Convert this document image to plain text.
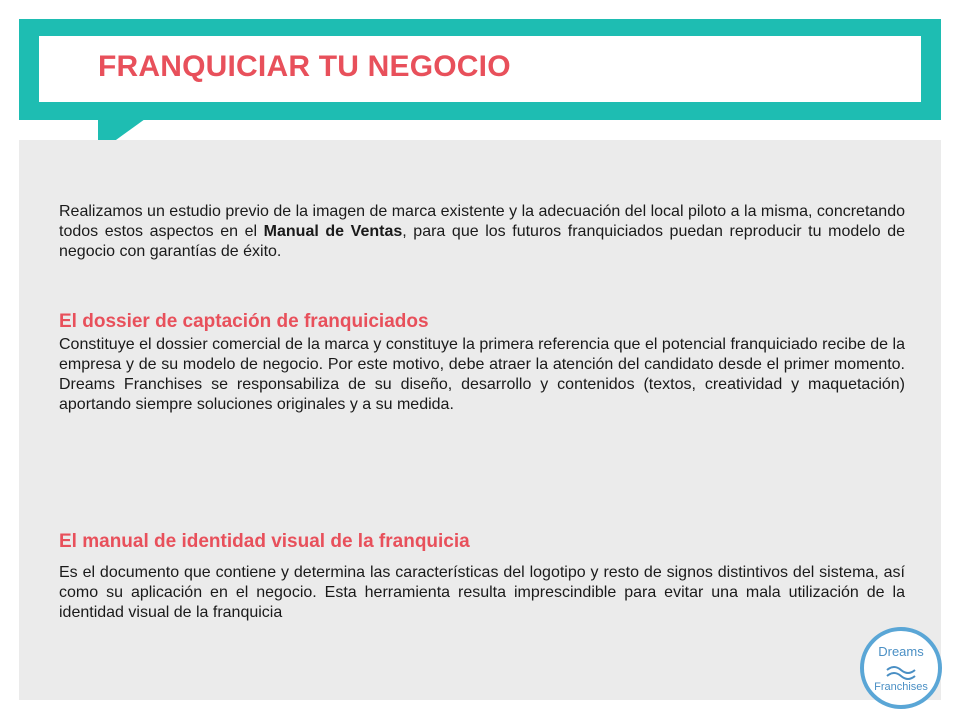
FRANQUICIAR TU NEGOCIO
Realizamos un estudio previo de la imagen de marca existente y la adecuación del local piloto a la misma, concretando todos estos aspectos en el Manual de Ventas, para que los futuros franquiciados puedan reproducir tu modelo de negocio con garantías de éxito.
El dossier de captación de franquiciados
Constituye el dossier comercial de la marca y constituye la primera referencia que el potencial franquiciado recibe de la empresa y de su modelo de negocio. Por este motivo, debe atraer la atención del candidato desde el primer momento. Dreams Franchises se responsabiliza de su diseño, desarrollo y contenidos (textos, creatividad y maquetación) aportando siempre soluciones originales y a su medida.
El manual de identidad visual de la franquicia
Es el documento que contiene y determina las características del logotipo y resto de signos distintivos del sistema, así como su aplicación en el negocio. Esta herramienta resulta imprescindible para evitar una mala utilización de la identidad visual de la franquicia
Dreams
Franchises
